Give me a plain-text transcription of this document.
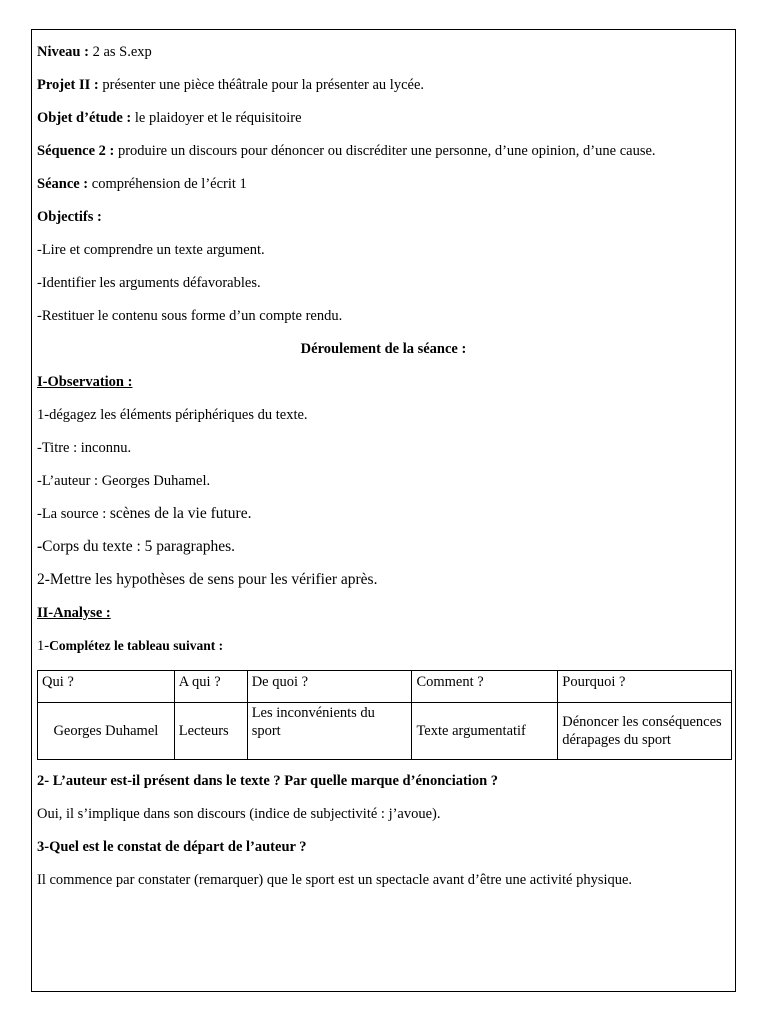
Niveau : 2 as S.exp

Projet II : présenter une pièce théâtrale pour la présenter au lycée.

Objet d’étude : le plaidoyer et le réquisitoire

Séquence 2 : produire un discours pour dénoncer ou discréditer une personne, d’une opinion, d’une cause.

Séance : compréhension de l’écrit 1

Objectifs :

-Lire et comprendre un texte argument.

-Identifier les arguments défavorables.

-Restituer le contenu sous forme d’un compte rendu.

Déroulement de la séance :

I-Observation :

1-dégagez les éléments périphériques du texte.

-Titre : inconnu.

-L’auteur : Georges Duhamel.

-La source : scènes de la vie future.

-Corps du texte : 5 paragraphes.

2-Mettre les hypothèses de sens pour les vérifier après.

II-Analyse :

1-Complétez le tableau suivant :

Qui ?	A qui ?	De quoi ?	Comment ?	Pourquoi ?
Georges Duhamel	Lecteurs	Les inconvénients du sport	Texte argumentatif	Dénoncer les conséquences dérapages du sport

2- L’auteur est-il présent dans le texte ? Par quelle marque d’énonciation ?

Oui, il s’implique dans son discours (indice de subjectivité : j’avoue).

3-Quel est le constat de départ de l’auteur ?

Il commence par constater (remarquer) que le sport est un spectacle avant d’être une activité physique.
